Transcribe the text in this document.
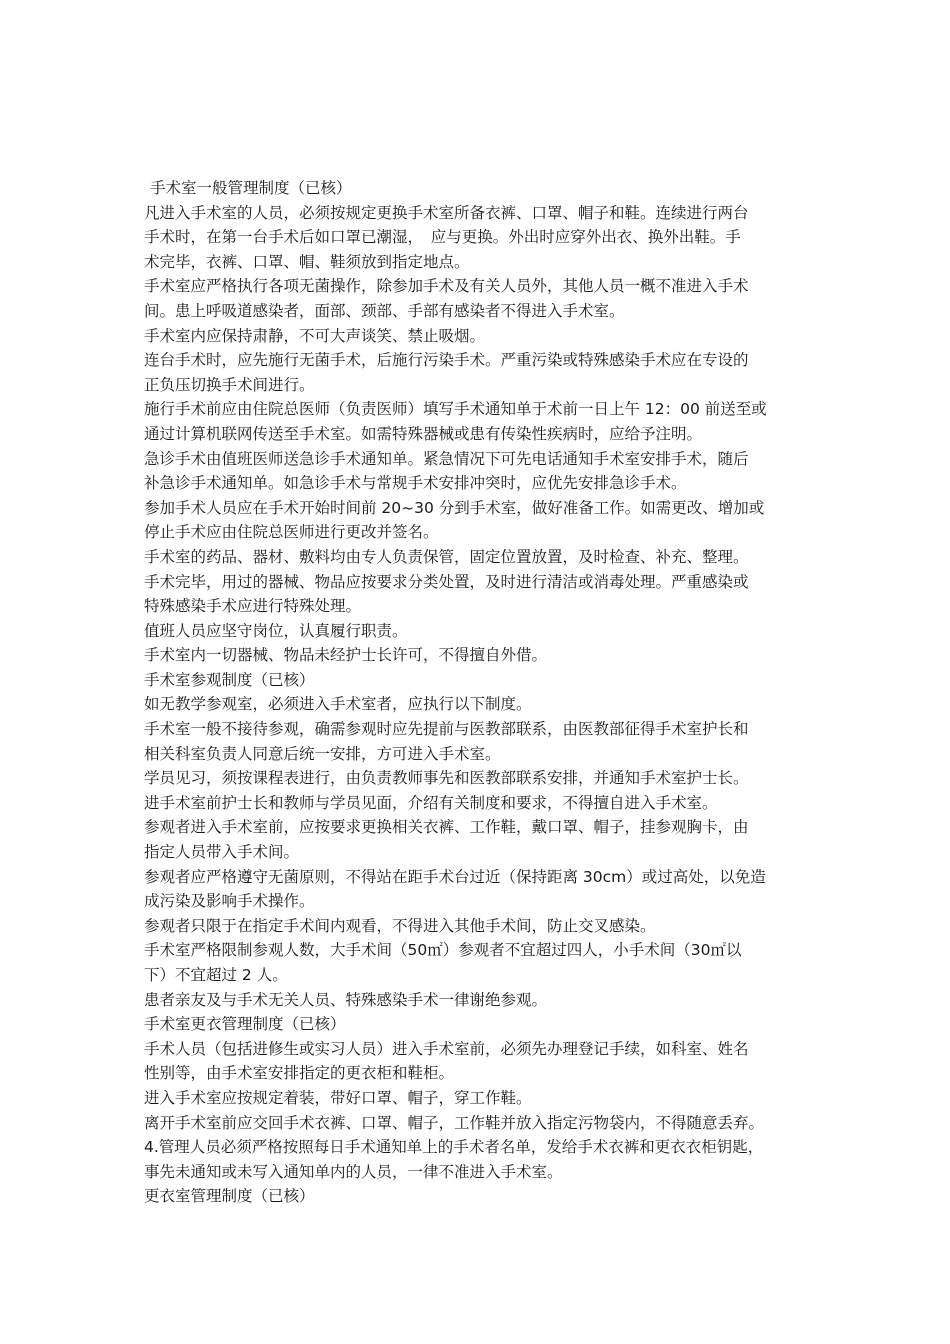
手术室一般管理制度（已核）
凡进入手术室的人员，必须按规定更换手术室所备衣裤、口罩、帽子和鞋。连续进行两台
手术时，在第一台手术后如口罩已潮湿，　应与更换。外出时应穿外出衣、换外出鞋。手
术完毕，衣裤、口罩、帽、鞋须放到指定地点。
手术室应严格执行各项无菌操作，除参加手术及有关人员外，其他人员一概不准进入手术
间。患上呼吸道感染者，面部、颈部、手部有感染者不得进入手术室。
手术室内应保持肃静，不可大声谈笑、禁止吸烟。
连台手术时，应先施行无菌手术，后施行污染手术。严重污染或特殊感染手术应在专设的
正负压切换手术间进行。
施行手术前应由住院总医师（负责医师）填写手术通知单于术前一日上午 12：00 前送至或
通过计算机联网传送至手术室。如需特殊器械或患有传染性疾病时，应给予注明。
急诊手术由值班医师送急诊手术通知单。紧急情况下可先电话通知手术室安排手术，随后
补急诊手术通知单。如急诊手术与常规手术安排冲突时，应优先安排急诊手术。
参加手术人员应在手术开始时间前 20~30 分到手术室，做好准备工作。如需更改、增加或
停止手术应由住院总医师进行更改并签名。
手术室的药品、器材、敷料均由专人负责保管，固定位置放置，及时检查、补充、整理。
手术完毕，用过的器械、物品应按要求分类处置，及时进行清洁或消毒处理。严重感染或
特殊感染手术应进行特殊处理。
值班人员应坚守岗位，认真履行职责。
手术室内一切器械、物品未经护士长许可，不得擅自外借。
手术室参观制度（已核）
如无教学参观室，必须进入手术室者，应执行以下制度。
手术室一般不接待参观，确需参观时应先提前与医教部联系，由医教部征得手术室护长和
相关科室负责人同意后统一安排，方可进入手术室。
学员见习，须按课程表进行，由负责教师事先和医教部联系安排，并通知手术室护士长。
进手术室前护士长和教师与学员见面，介绍有关制度和要求，不得擅自进入手术室。
参观者进入手术室前，应按要求更换相关衣裤、工作鞋，戴口罩、帽子，挂参观胸卡，由
指定人员带入手术间。
参观者应严格遵守无菌原则，不得站在距手术台过近（保持距离 30cm）或过高处，以免造
成污染及影响手术操作。
参观者只限于在指定手术间内观看，不得进入其他手术间，防止交叉感染。
手术室严格限制参观人数，大手术间（50㎡）参观者不宜超过四人，小手术间（30㎡以
下）不宜超过 2 人。
患者亲友及与手术无关人员、特殊感染手术一律谢绝参观。
手术室更衣管理制度（已核）
手术人员（包括进修生或实习人员）进入手术室前，必须先办理登记手续，如科室、姓名
性别等，由手术室安排指定的更衣柜和鞋柜。
进入手术室应按规定着装，带好口罩、帽子，穿工作鞋。
离开手术室前应交回手术衣裤、口罩、帽子，工作鞋并放入指定污物袋内，不得随意丢弃。
4.管理人员必须严格按照每日手术通知单上的手术者名单，发给手术衣裤和更衣衣柜钥匙，
事先未通知或未写入通知单内的人员，一律不准进入手术室。
更衣室管理制度（已核）
